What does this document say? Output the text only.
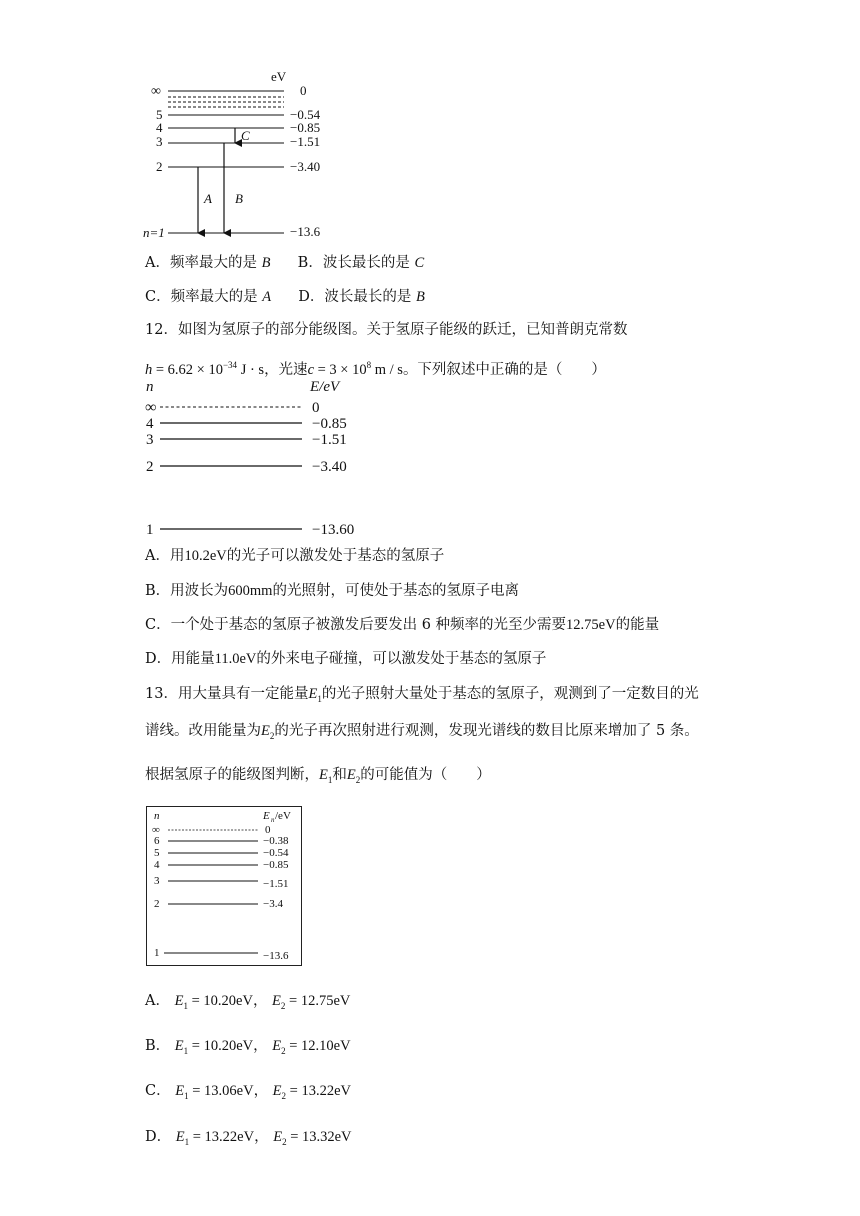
eV
∞	0
5	−0.54
4	−0.85
3	−1.51
2	−3.40
n=1	−13.6
A B
C
A．频率最大的是 B B．波长最长的是 C
C．频率最大的是 A D．波长最长的是 B
12．如图为氢原子的部分能级图。关于氢原子能级的跃迁，已知普朗克常数
$h = 6.62 \times 10^{-34}$ J · s，光速$c = 3 \times 10^8$ m / s。下列叙述中正确的是（　　）
n	E/eV
∞	0
4	−0.85
3	−1.51
2	−3.40
1	−13.60
A．用10.2eV的光子可以激发处于基态的氢原子
B．用波长为600mm的光照射，可使处于基态的氢原子电离
C．一个处于基态的氢原子被激发后要发出 6 种频率的光至少需要12.75eV的能量
D．用能量11.0eV的外来电子碰撞，可以激发处于基态的氢原子
13．用大量具有一定能量$E_1$的光子照射大量处于基态的氢原子，观测到了一定数目的光
谱线。改用能量为$E_2$的光子再次照射进行观测，发现光谱线的数目比原来增加了 5 条。
根据氢原子的能级图判断，$E_1$和$E_2$的可能值为（　　）
n	E n /eV
∞	0
6	−0.38
5	−0.54
4	−0.85
3	−1.51
2	−3.4
1	−13.6
A． $E_1 = 10.20eV$， $E_2 = 12.75eV$
B． $E_1 = 10.20eV$， $E_2 = 12.10eV$
C． $E_1 = 13.06eV$， $E_2 = 13.22eV$
D． $E_1 = 13.22eV$， $E_2 = 13.32eV$
